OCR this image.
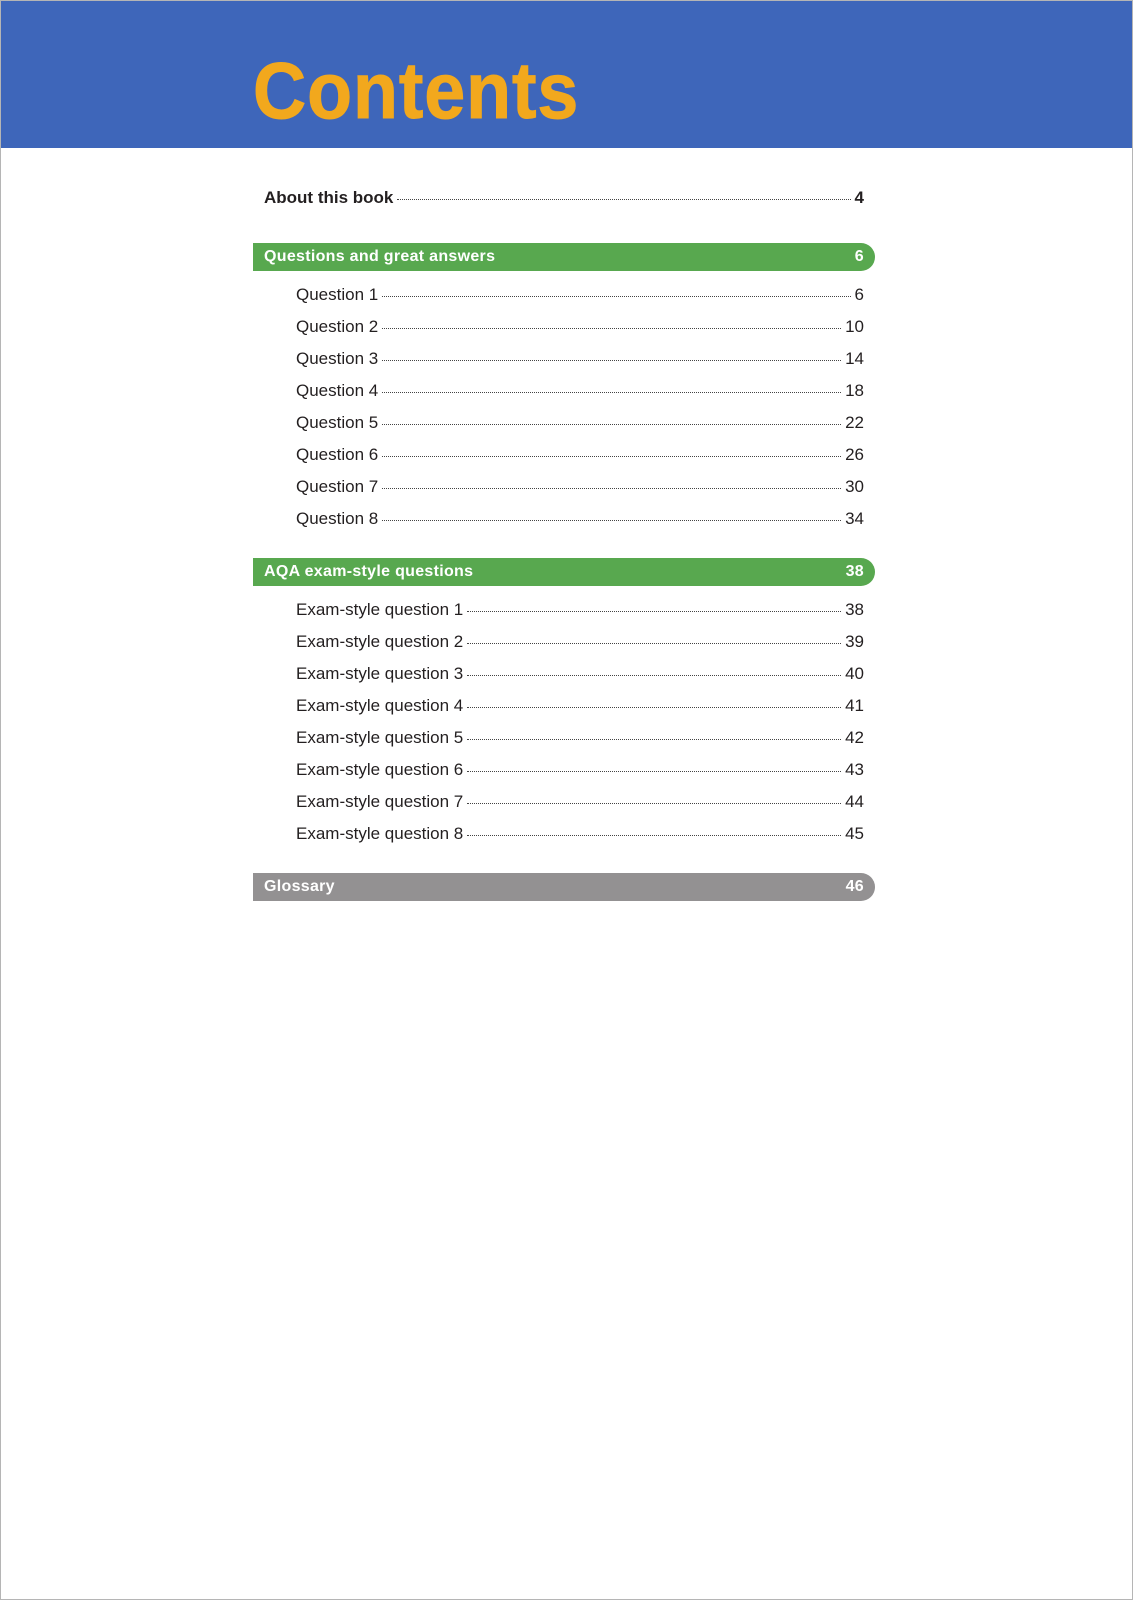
Contents
About this book	4
Questions and great answers	6
Question 1	6
Question 2	10
Question 3	14
Question 4	18
Question 5	22
Question 6	26
Question 7	30
Question 8	34
AQA exam-style questions	38
Exam-style question 1	38
Exam-style question 2	39
Exam-style question 3	40
Exam-style question 4	41
Exam-style question 5	42
Exam-style question 6	43
Exam-style question 7	44
Exam-style question 8	45
Glossary	46
